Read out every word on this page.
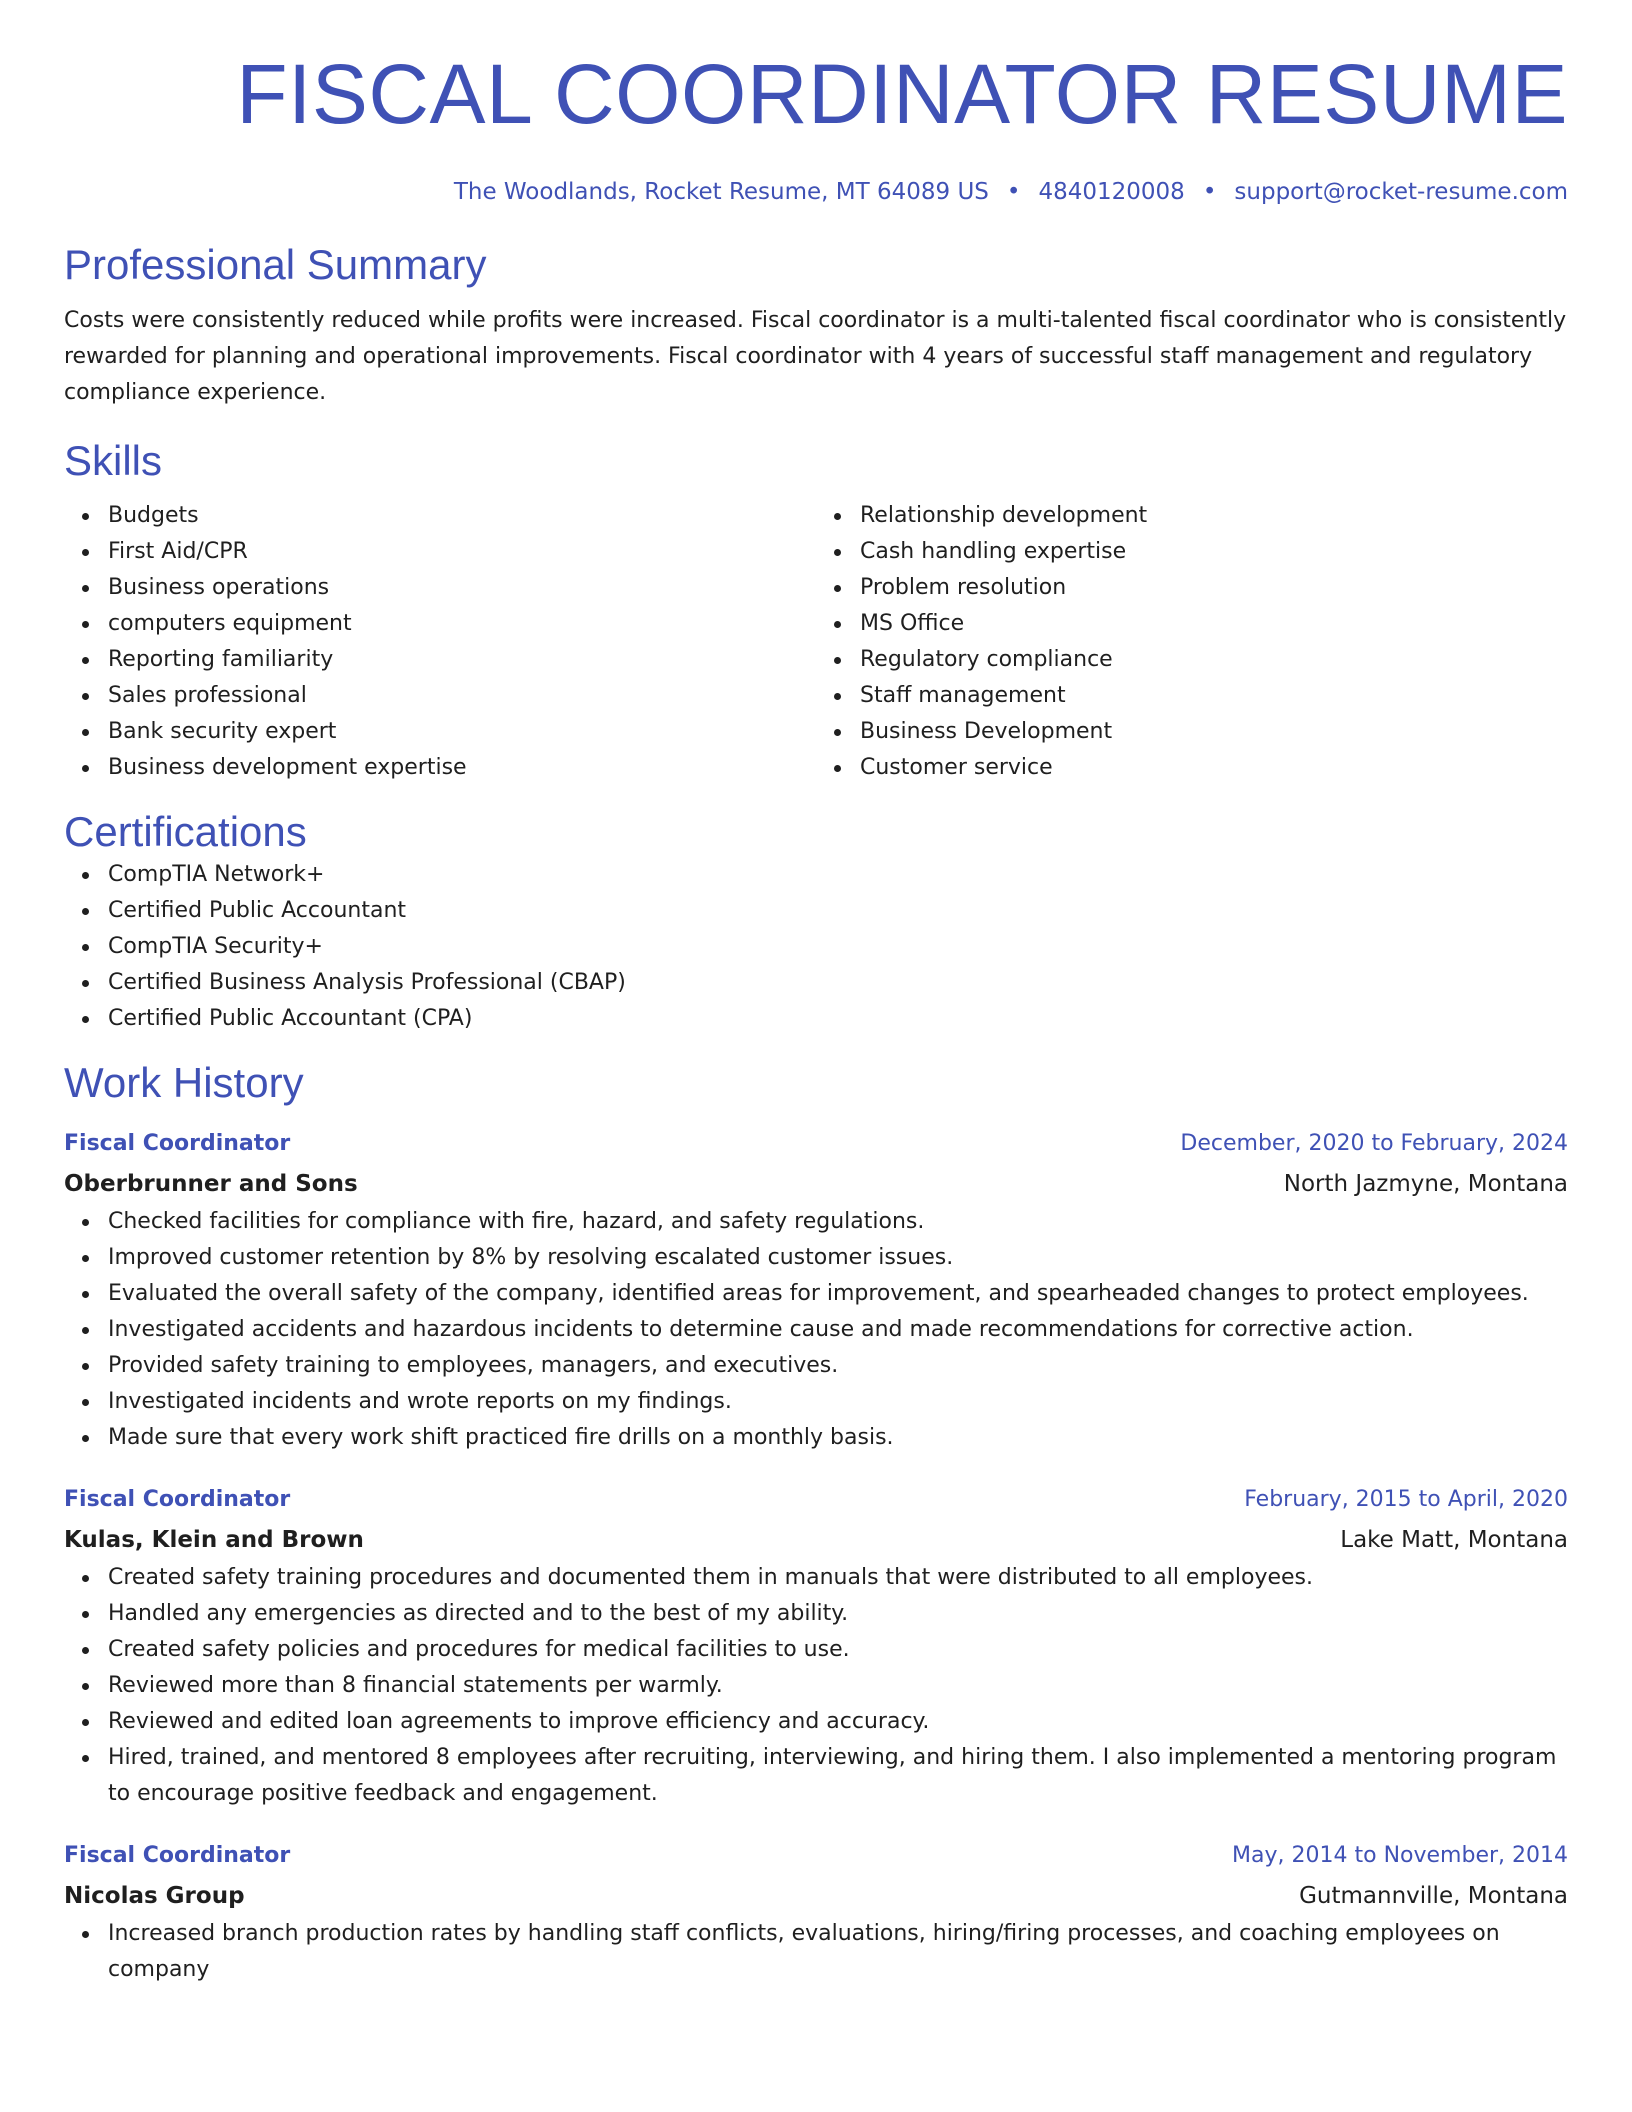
FISCAL COORDINATOR RESUME
The Woodlands, Rocket Resume, MT 64089 US • 4840120008 • support@rocket-resume.com
Professional Summary
Costs were consistently reduced while profits were increased. Fiscal coordinator is a multi-talented fiscal coordinator who is consistently rewarded for planning and operational improvements. Fiscal coordinator with 4 years of successful staff management and regulatory compliance experience.
Skills
Budgets
First Aid/CPR
Business operations
computers equipment
Reporting familiarity
Sales professional
Bank security expert
Business development expertise
Relationship development
Cash handling expertise
Problem resolution
MS Office
Regulatory compliance
Staff management
Business Development
Customer service
Certifications
CompTIA Network+
Certified Public Accountant
CompTIA Security+
Certified Business Analysis Professional (CBAP)
Certified Public Accountant (CPA)
Work History
Fiscal Coordinator	December, 2020 to February, 2024
Oberbrunner and Sons	North Jazmyne, Montana
Checked facilities for compliance with fire, hazard, and safety regulations.
Improved customer retention by 8% by resolving escalated customer issues.
Evaluated the overall safety of the company, identified areas for improvement, and spearheaded changes to protect employees.
Investigated accidents and hazardous incidents to determine cause and made recommendations for corrective action.
Provided safety training to employees, managers, and executives.
Investigated incidents and wrote reports on my findings.
Made sure that every work shift practiced fire drills on a monthly basis.
Fiscal Coordinator	February, 2015 to April, 2020
Kulas, Klein and Brown	Lake Matt, Montana
Created safety training procedures and documented them in manuals that were distributed to all employees.
Handled any emergencies as directed and to the best of my ability.
Created safety policies and procedures for medical facilities to use.
Reviewed more than 8 financial statements per warmly.
Reviewed and edited loan agreements to improve efficiency and accuracy.
Hired, trained, and mentored 8 employees after recruiting, interviewing, and hiring them. I also implemented a mentoring program to encourage positive feedback and engagement.
Fiscal Coordinator	May, 2014 to November, 2014
Nicolas Group	Gutmannville, Montana
Increased branch production rates by handling staff conflicts, evaluations, hiring/firing processes, and coaching employees on company
